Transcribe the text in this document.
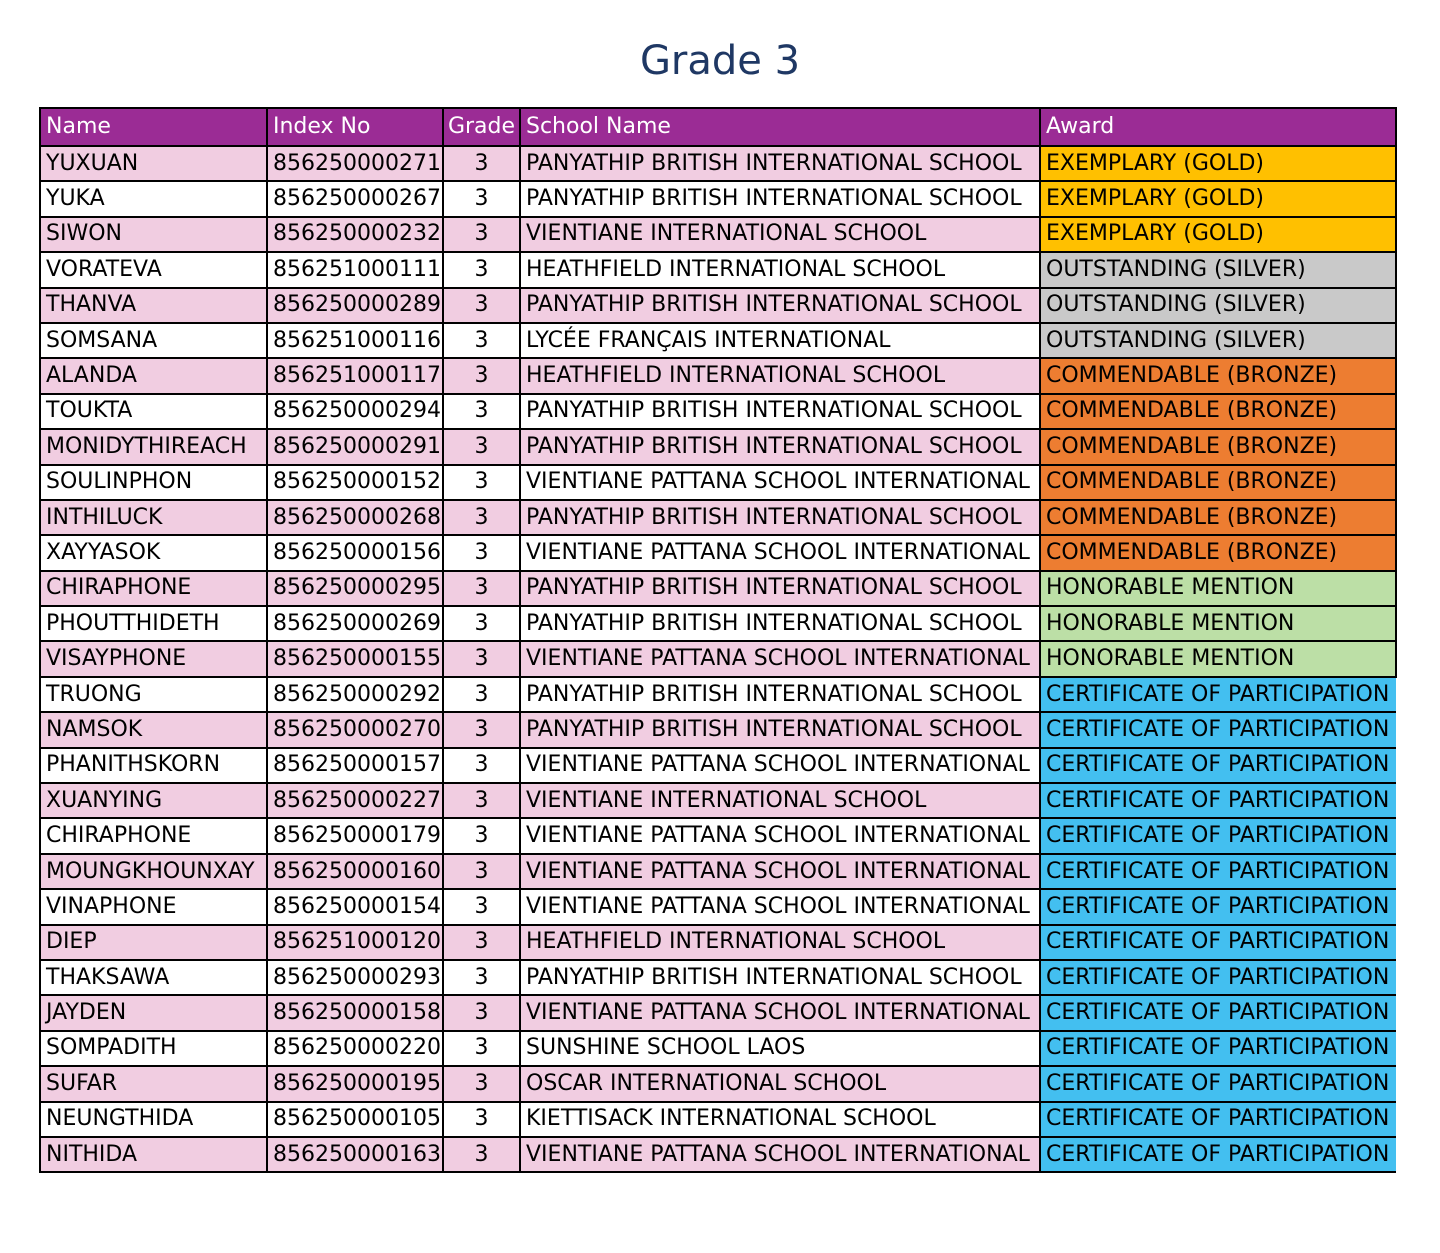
Grade 3
Name	Index No	Grade	School Name	Award
YUXUAN	856250000271	3	PANYATHIP BRITISH INTERNATIONAL SCHOOL	EXEMPLARY (GOLD)
YUKA	856250000267	3	PANYATHIP BRITISH INTERNATIONAL SCHOOL	EXEMPLARY (GOLD)
SIWON	856250000232	3	VIENTIANE INTERNATIONAL SCHOOL	EXEMPLARY (GOLD)
VORATEVA	856251000111	3	HEATHFIELD INTERNATIONAL SCHOOL	OUTSTANDING (SILVER)
THANVA	856250000289	3	PANYATHIP BRITISH INTERNATIONAL SCHOOL	OUTSTANDING (SILVER)
SOMSANA	856251000116	3	LYCÉE FRANÇAIS INTERNATIONAL	OUTSTANDING (SILVER)
ALANDA	856251000117	3	HEATHFIELD INTERNATIONAL SCHOOL	COMMENDABLE (BRONZE)
TOUKTA	856250000294	3	PANYATHIP BRITISH INTERNATIONAL SCHOOL	COMMENDABLE (BRONZE)
MONIDYTHIREACH	856250000291	3	PANYATHIP BRITISH INTERNATIONAL SCHOOL	COMMENDABLE (BRONZE)
SOULINPHON	856250000152	3	VIENTIANE PATTANA SCHOOL INTERNATIONAL	COMMENDABLE (BRONZE)
INTHILUCK	856250000268	3	PANYATHIP BRITISH INTERNATIONAL SCHOOL	COMMENDABLE (BRONZE)
XAYYASOK	856250000156	3	VIENTIANE PATTANA SCHOOL INTERNATIONAL	COMMENDABLE (BRONZE)
CHIRAPHONE	856250000295	3	PANYATHIP BRITISH INTERNATIONAL SCHOOL	HONORABLE MENTION
PHOUTTHIDETH	856250000269	3	PANYATHIP BRITISH INTERNATIONAL SCHOOL	HONORABLE MENTION
VISAYPHONE	856250000155	3	VIENTIANE PATTANA SCHOOL INTERNATIONAL	HONORABLE MENTION
TRUONG	856250000292	3	PANYATHIP BRITISH INTERNATIONAL SCHOOL	CERTIFICATE OF PARTICIPATION
NAMSOK	856250000270	3	PANYATHIP BRITISH INTERNATIONAL SCHOOL	CERTIFICATE OF PARTICIPATION
PHANITHSKORN	856250000157	3	VIENTIANE PATTANA SCHOOL INTERNATIONAL	CERTIFICATE OF PARTICIPATION
XUANYING	856250000227	3	VIENTIANE INTERNATIONAL SCHOOL	CERTIFICATE OF PARTICIPATION
CHIRAPHONE	856250000179	3	VIENTIANE PATTANA SCHOOL INTERNATIONAL	CERTIFICATE OF PARTICIPATION
MOUNGKHOUNXAY	856250000160	3	VIENTIANE PATTANA SCHOOL INTERNATIONAL	CERTIFICATE OF PARTICIPATION
VINAPHONE	856250000154	3	VIENTIANE PATTANA SCHOOL INTERNATIONAL	CERTIFICATE OF PARTICIPATION
DIEP	856251000120	3	HEATHFIELD INTERNATIONAL SCHOOL	CERTIFICATE OF PARTICIPATION
THAKSAWA	856250000293	3	PANYATHIP BRITISH INTERNATIONAL SCHOOL	CERTIFICATE OF PARTICIPATION
JAYDEN	856250000158	3	VIENTIANE PATTANA SCHOOL INTERNATIONAL	CERTIFICATE OF PARTICIPATION
SOMPADITH	856250000220	3	SUNSHINE SCHOOL LAOS	CERTIFICATE OF PARTICIPATION
SUFAR	856250000195	3	OSCAR INTERNATIONAL SCHOOL	CERTIFICATE OF PARTICIPATION
NEUNGTHIDA	856250000105	3	KIETTISACK INTERNATIONAL SCHOOL	CERTIFICATE OF PARTICIPATION
NITHIDA	856250000163	3	VIENTIANE PATTANA SCHOOL INTERNATIONAL	CERTIFICATE OF PARTICIPATION
